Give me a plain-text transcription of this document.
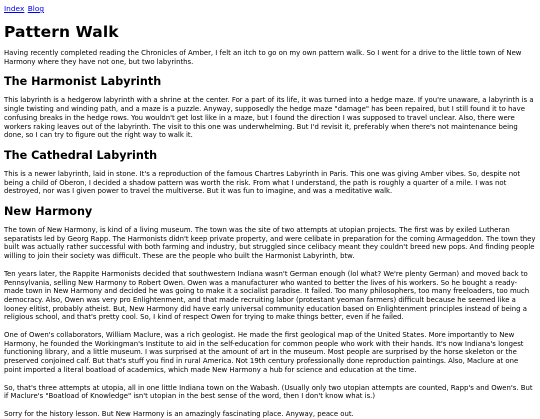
Index Blog
Pattern Walk

Having recently completed reading the Chronicles of Amber, I felt an itch to go on my own pattern walk. So I went for a drive to the little town of New Harmony where they have not one, but two labyrinths.

The Harmonist Labyrinth

This labyrinth is a hedgerow labyrinth with a shrine at the center. For a part of its life, it was turned into a hedge maze. If you're unaware, a labyrinth is a single twisting and winding path, and a maze is a puzzle. Anyway, supposedly the hedge maze "damage" has been repaired, but I still found it to have confusing breaks in the hedge rows. You wouldn't get lost like in a maze, but I found the direction I was supposed to travel unclear. Also, there were workers raking leaves out of the labyrinth. The visit to this one was underwhelming. But I'd revisit it, preferably when there's not maintenance being done, so I can try to figure out the right way to walk it.

The Cathedral Labyrinth

This is a newer labyrinth, laid in stone. It's a reproduction of the famous Chartres Labyrinth in Paris. This one was giving Amber vibes. So, despite not being a child of Oberon, I decided a shadow pattern was worth the risk. From what I understand, the path is roughly a quarter of a mile. I was not destroyed, nor was I given power to travel the multiverse. But it was fun to imagine, and was a meditative walk.

New Harmony

The town of New Harmony, is kind of a living museum. The town was the site of two attempts at utopian projects. The first was by exiled Lutheran separatists led by Georg Rapp. The Harmonists didn't keep private property, and were celibate in preparation for the coming Armageddon. The town they built was actually rather successful with both farming and industry, but struggled since celibacy meant they couldn't breed new pops. And finding people willing to join their society was difficult. These are the people who built the Harmonist Labyrinth, btw.

Ten years later, the Rappite Harmonists decided that southwestern Indiana wasn't German enough (lol what? We're plenty German) and moved back to Pennsylvania, selling New Harmony to Robert Owen. Owen was a manufacturer who wanted to better the lives of his workers. So he bought a ready-made town in New Harmony and decided he was going to make it a socialist paradise. It failed. Too many philosophers, too many freeloaders, too much democracy. Also, Owen was very pro Enlightenment, and that made recruiting labor (protestant yeoman farmers) difficult because he seemed like a looney elitist, probably atheist. But, New Harmony did have early universal community education based on Enlightenment principles instead of being a religious school, and that's pretty cool. So, I kind of respect Owen for trying to make things better, even if he failed.

One of Owen's collaborators, William Maclure, was a rich geologist. He made the first geological map of the United States. More importantly to New Harmony, he founded the Workingman's Institute to aid in the self-education for common people who work with their hands. It's now Indiana's longest functioning library, and a little museum. I was surprised at the amount of art in the museum. Most people are surprised by the horse skeleton or the preserved conjoined calf. But that's stuff you find in rural America. Not 19th century professionally done reproduction paintings. Also, Maclure at one point imported a literal boatload of academics, which made New Harmony a hub for science and education at the time.

So, that's three attempts at utopia, all in one little Indiana town on the Wabash. (Usually only two utopian attempts are counted, Rapp's and Owen's. But if Maclure's "Boatload of Knowledge" isn't utopian in the best sense of the word, then I don't know what is.)

Sorry for the history lesson. But New Harmony is an amazingly fascinating place. Anyway, peace out.
